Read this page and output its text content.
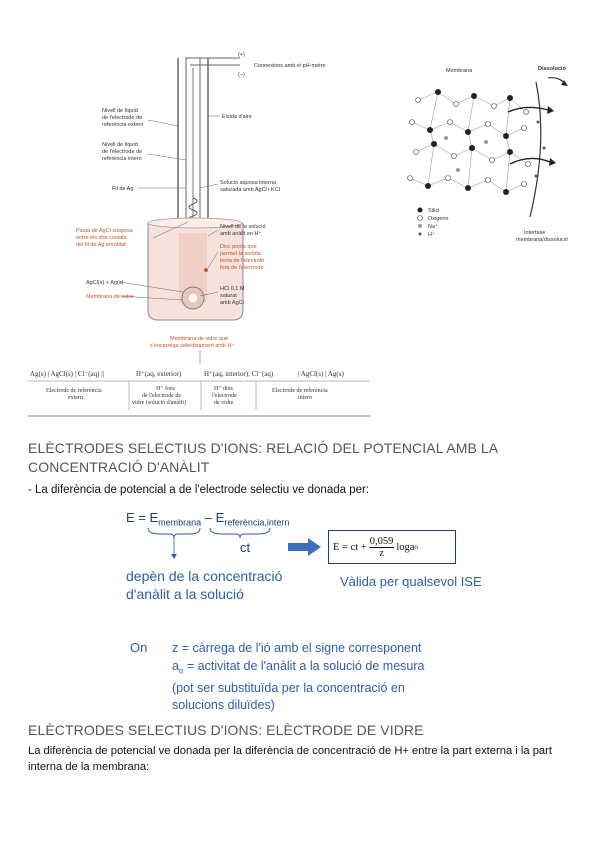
(+)
(−)
Connexions amb el pH-metre
Nivell de líquid
de l'electrode de
referència extern
Nivell de líquid
de l'electrode de
referència intern
Fil de Ag
Pasta de AgCl suspesa
entre els dos costats
del fil de Ag enrotllat
AgCl(s) + Ag(s)
Membrana de vidre
Eixida d'aire
Solució aquosa interna
saturada amb AgCl i KCl
Nivell de la solució
amb anàlit en H⁺
Disc porós que
permet la sortida
lenta de l'electròlit
fora de l'electrode
HCl 0,1 M
saturat
amb AgCl
Membrana de vidre que
s'encarrega selectivament amb H⁺
Ag(s) | AgCl(s) | Cl⁻(aq) ||	H⁺(aq, exterior)	H⁺(aq, interior), Cl⁻(aq)	| AgCl(s) | Ag(s)
Electrode de referència
extern
H⁺ fora
de l'electrode de
vidre (solució d'anàlit)
H⁺ dins
l'electrode
de vidre
Electrode de referència
intern
Membrana	Dissolució
Interfase
membrana/dissolució
Silici
Oxigeno
Na⁺
H⁺
ELÈCTRODES SELECTIUS D'IONS: RELACIÓ DEL POTENCIAL AMB LA
CONCENTRACIÓ D'ANÀLIT
- La diferència de potencial a de l'electrode selectiu ve donada per:
$E = E_{membrana} - E_{referència,intern}$
ct	E = ct + $\frac{0,059}{z}$ loga o
depèn de la concentració
d'anàlit a la solució
Vàlida per qualsevol ISE
On z = càrrega de l'ió amb el signe corresponent
$a_o$ = activitat de l'anàlit a la solució de mesura
(pot ser substituïda per la concentració en
solucions diluïdes)
ELÈCTRODES SELECTIUS D'IONS: ELÈCTRODE DE VIDRE
La diferència de potencial ve donada per la diferència de concentració de H+ entre la part externa i la part
interna de la membrana:
